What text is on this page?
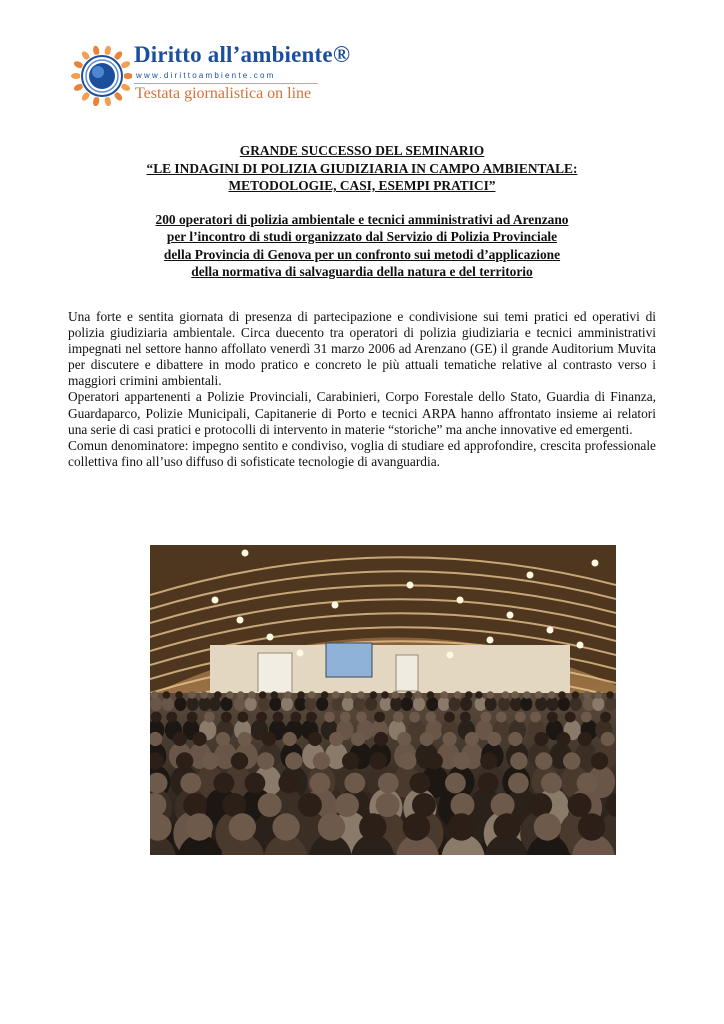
Diritto all’ambiente®
www.dirittoambiente.com
Testata giornalistica on line
GRANDE SUCCESSO DEL SEMINARIO
“LE INDAGINI DI POLIZIA GIUDIZIARIA IN CAMPO AMBIENTALE:
METODOLOGIE, CASI, ESEMPI PRATICI”
200 operatori di polizia ambientale e tecnici amministrativi ad Arenzano
per l’incontro di studi organizzato dal Servizio di Polizia Provinciale
della Provincia di Genova per un confronto sui metodi d’applicazione
della normativa di salvaguardia della natura e del territorio

Una forte e sentita giornata di presenza di partecipazione e condivisione sui temi pratici ed operativi di polizia giudiziaria ambientale. Circa duecento tra operatori di polizia giudiziaria e tecnici amministrativi impegnati nel settore hanno affollato venerdì 31 marzo 2006 ad Arenzano (GE) il grande Auditorium Muvita per discutere e dibattere in modo pratico e concreto le più attuali tematiche relative al contrasto verso i maggiori crimini ambientali.

Operatori appartenenti a Polizie Provinciali, Carabinieri, Corpo Forestale dello Stato, Guardia di Finanza, Guardaparco, Polizie Municipali, Capitanerie di Porto e tecnici ARPA hanno affrontato insieme ai relatori una serie di casi pratici e protocolli di intervento in materie “storiche” ma anche innovative ed emergenti.

Comun denominatore: impegno sentito e condiviso, voglia di studiare ed approfondire, crescita professionale collettiva fino all’uso diffuso di sofisticate tecnologie di avanguardia.
